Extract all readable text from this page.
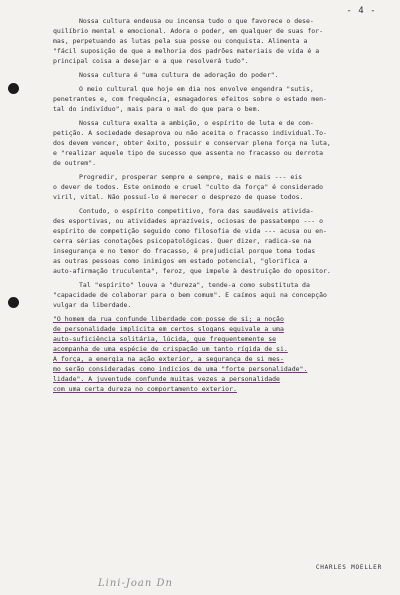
- 4 -

Nossa cultura endeusa ou incensa tudo o que favorece o dese-

quilíbrio mental e emocional. Adora o poder, em qualquer de suas for-

mas, perpetuando as lutas pela sua posse ou conquista. Alimenta a

"fácil suposição de que a melhoria dos padrões materiais de vida é a

principal coisa a desejar e a que resolverá tudo".

Nossa cultura é "uma cultura de adoração do poder".

O meio cultural que hoje em dia nos envolve engendra "sutis,

penetrantes e, com frequência, esmagadores efeitos sobre o estado men-

tal do indivíduo", mais para o mal do que para o bem.

Nossa cultura exalta a ambição, o espírito de luta e de com-

petição. A sociedade desaprova ou não aceita o fracasso individual.To-

dos devem vencer, obter êxito, possuir e conservar plena força na luta,

e "realizar aquele tipo de sucesso que assenta no fracasso ou derrota

de outrem".

Progredir, prosperar sempre e sempre, mais e mais --- eis

o dever de todos. Este onimodo e cruel "culto da força" é considerado

viril, vital. Não possuí-lo é merecer o desprezo de quase todos.

Contudo, o espírito competitivo, fora das saudáveis ativida-

des esportivas, ou atividades aprazíveis, ociosas de passatempo --- o

espírito de competição seguido como filosofia de vida --- acusa ou en-

cerra sérias conotações psicopatológicas. Quer dizer, radica-se na

insegurança e no temor do fracasso, é prejudicial porque toma todas

as outras pessoas como inimigos em estado potencial, "glorifica a

auto-afirmação truculenta", feroz, que impele à destruição do opositor.

Tal "espírito" louva a "dureza", tende-a como substituta da

"capacidade de colaborar para o bem comum". E caímos aqui na concepção

vulgar da liberdade.

"O homem da rua confunde liberdade com posse de si; a noção

de personalidade implícita em certos slogans equivale a uma

auto-suficiência solitária, lúcida, que frequentemente se

acompanha de uma espécie de crispação um tanto rígida de si.

A força, a energia na ação exterior, a segurança de si mes-

mo serão consideradas como indícios de uma "forte personalidade".

lidade". A juventude confunde muitas vezes a personalidade

com uma certa dureza no comportamento exterior.

CHARLES MOELLER
Lini-Joan Dn
